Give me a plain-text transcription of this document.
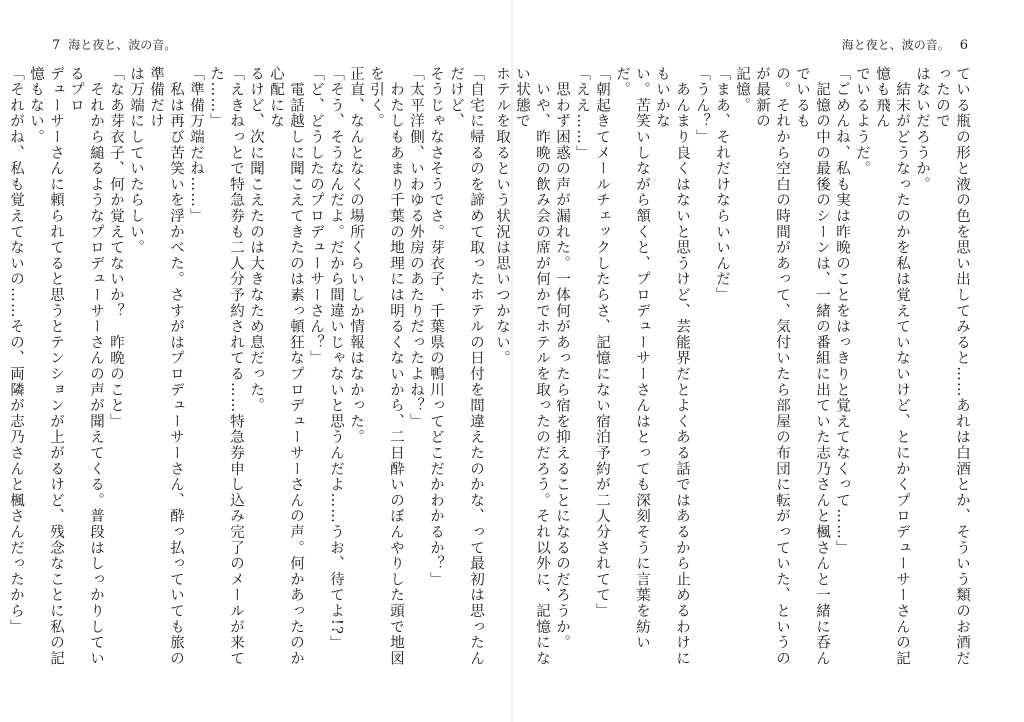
7 海と夜と、波の音。	海と夜と、波の音。 6

ている瓶の形と液の色を思い出してみると……あれは白酒とか、そういう類のお酒だったので

はないだろうか。

　結末がどうなったのかを私は覚えていないけど、とにかくプロデューサーさんの記憶も飛ん

でいるようだ。

「ごめんね、私も実は昨晩のことをはっきりと覚えてなくって……」

　記憶の中の最後のシーンは、一緒の番組に出ていた志乃さんと楓さんと一緒に呑んでいるも

の。それから空白の時間があって、気付いたら部屋の布団に転がっていた、というのが最新の

記憶。

「まあ、それだけならいいんだ」

「うん？」

　あんまり良くはないと思うけど、芸能界だとよくある話ではあるから止めるわけにもいかな

い。苦笑いしながら頷くと、プロデューサーさんはとっても深刻そうに言葉を紡いだ。

「朝起きてメールチェックしたらさ、記憶にない宿泊予約が二人分されてて」

「ええ……」

　思わず困惑の声が漏れた。一体何があったら宿を抑えることになるのだろうか。

　いや、昨晩の飲み会の席が何かでホテルを取ったのだろう。それ以外に、記憶にない状態で

ホテルを取るという状況は思いつかない。

「自宅に帰るのを諦めて取ったホテルの日付を間違えたのかな、って最初は思ったんだけど、

そうじゃなさそうでさ。芽衣子、千葉県の鴨川ってどこだかわかるか？」

「太平洋側、いわゆる外房のあたりだったよね？」

　わたしもあまり千葉の地理には明るくないから、二日酔いのぼんやりした頭で地図を引く。

正直、なんとなくの場所くらいしか情報はなかった。

「そう、そうなんだよ。だから間違いじゃないと思うんだよ……うお、待てよ!?」

「ど、どうしたのプロデューサーさん？」

　電話越しに聞こえてきたのは素っ頓狂なプロデューサーさんの声。何かあったのか心配にな

るけど、次に聞こえたのは大きなため息だった。

「えきねっとで特急券も二人分予約されてる……特急券申し込み完了のメールが来てた……」

「準備万端だね……」

　私は再び苦笑いを浮かべた。さすがはプロデューサーさん、酔っ払っていても旅の準備だけ

は万端にしていたらしい。

「なあ芽衣子、何か覚えてないか？　昨晩のこと」

　それから縋るようなプロデューサーさんの声が聞えてくる。普段はしっかりしているプロ

デューサーさんに頼られてると思うとテンションが上がるけど、残念なことに私の記憶もない。

「それがね、私も覚えてないの……その、両隣が志乃さんと楓さんだったから」
